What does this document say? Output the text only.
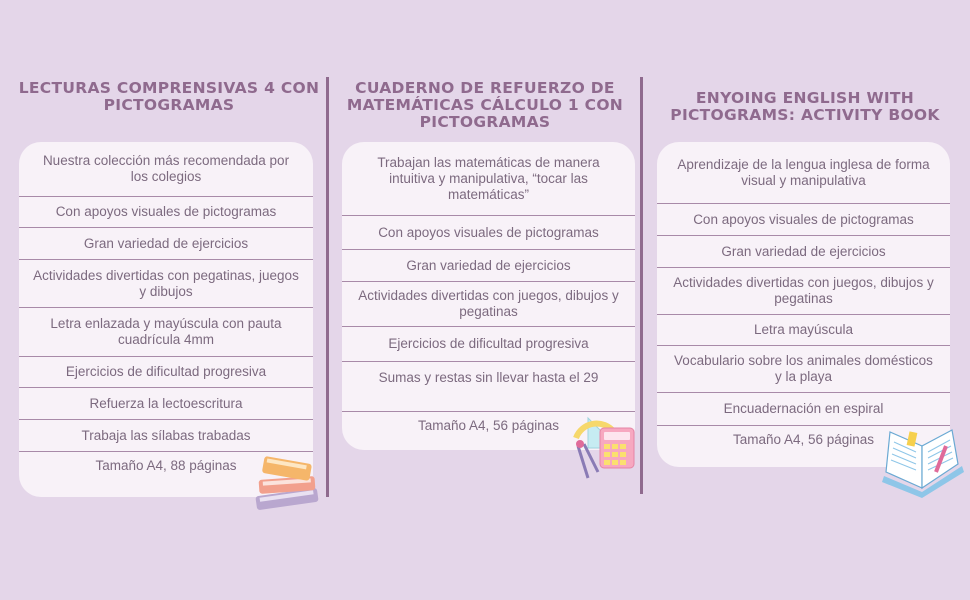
LECTURAS COMPRENSIVAS 4 CON PICTOGRAMAS
Nuestra colección más recomendada por los colegios
Con apoyos visuales de pictogramas
Gran variedad de ejercicios
Actividades divertidas con pegatinas, juegos y dibujos
Letra enlazada y mayúscula con pauta cuadrícula 4mm
Ejercicios de dificultad progresiva
Refuerza la lectoescritura
Trabaja las sílabas trabadas
Tamaño A4, 88 páginas
CUADERNO DE REFUERZO DE MATEMÁTICAS CÁLCULO 1 CON PICTOGRAMAS
Trabajan las matemáticas de manera intuitiva y manipulativa, “tocar las matemáticas”
Con apoyos visuales de pictogramas
Gran variedad de ejercicios
Actividades divertidas con juegos, dibujos y pegatinas
Ejercicios de dificultad progresiva
Sumas y restas sin llevar hasta el 29
Tamaño A4, 56 páginas
ENYOING ENGLISH WITH PICTOGRAMS: ACTIVITY BOOK
Aprendizaje de la lengua inglesa de forma visual y manipulativa
Con apoyos visuales de pictogramas
Gran variedad de ejercicios
Actividades divertidas con juegos, dibujos y pegatinas
Letra mayúscula
Vocabulario sobre los animales domésticos y la playa
Encuadernación en espiral
Tamaño A4, 56 páginas
